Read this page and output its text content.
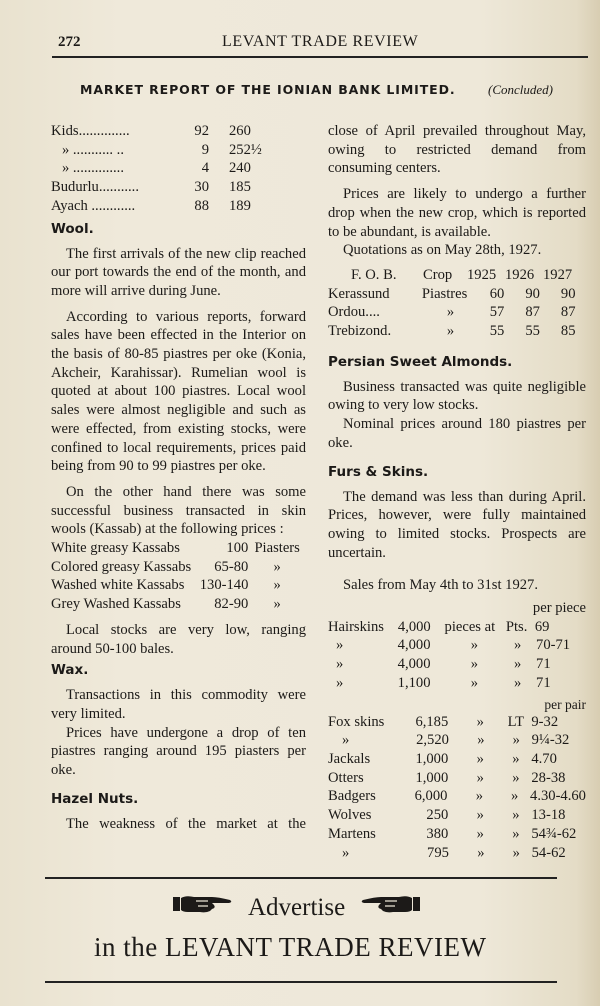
272	LEVANT TRADE REVIEW
MARKET REPORT OF THE IONIAN BANK LIMITED. (Concluded)
Kids..............	92	260
» ........... ..	9	252½
» ..............	4	240
Budurlu...........	30	185
Ayach ............	88	189
Wool.

The first arrivals of the new clip reached our port towards the end of the month, and more will arrive during June.

According to various reports, forward sales have been effected in the Interior on the basis of 80-85 piastres per oke (Konia, Akcheir, Karahissar). Rumelian wool is quoted at about 100 piastres. Local wool sales were almost negligible and such as were effected, from existing stocks, were confined to local requirements, prices paid being from 90 to 99 piastres per oke.

On the other hand there was some successful business transacted in skin wools (Kassab) at the following prices :

White greasy Kassabs	100 Piasters
Colored greasy Kassabs	65-80	»
Washed white Kassabs	130-140	»
Grey Washed Kassabs	82-90	»

Local stocks are very low, ranging around 50-100 bales.

Wax.

Transactions in this commodity were very limited.

Prices have undergone a drop of ten piastres ranging around 195 piasters per oke.

Hazel Nuts.

The weakness of the market at the

close of April prevailed throughout May, owing to restricted demand from consuming centers.

Prices are likely to undergo a further drop when the new crop, which is reported to be abundant, is available.

Quotations as on May 28th, 1927.

F. O. B.	Crop	1925 1926 1927
Kerassund	Piastres	60	90	90
Ordou....	»	57	87	87
Trebizond.	»	55	55	85
Persian Sweet Almonds.

Business transacted was quite negligible owing to very low stocks.

Nominal prices around 180 piastres per oke.

Furs & Skins.

The demand was less than during April. Prices, however, were fully maintained owing to limited stocks. Prospects are uncertain.

Sales from May 4th to 31st 1927.

per piece
Hairskins 4,000 pieces at Pts. 69
»	4,000	»	»	70-71
»	4,000	»	»	71
»	1,100	»	»	71
per pair
Fox skins	6,185	»	LT 9-32
»	2,520	»	» 9¼-32
Jackals	1,000	»	» 4.70
Otters	1,000	»	» 28-38
Badgers	6,000	»	» 4.30-4.60
Wolves	250	»	» 13-18
Martens	380	»	» 54¾-62
»	795	»	» 54-62
Advertise
in the LEVANT TRADE REVIEW
